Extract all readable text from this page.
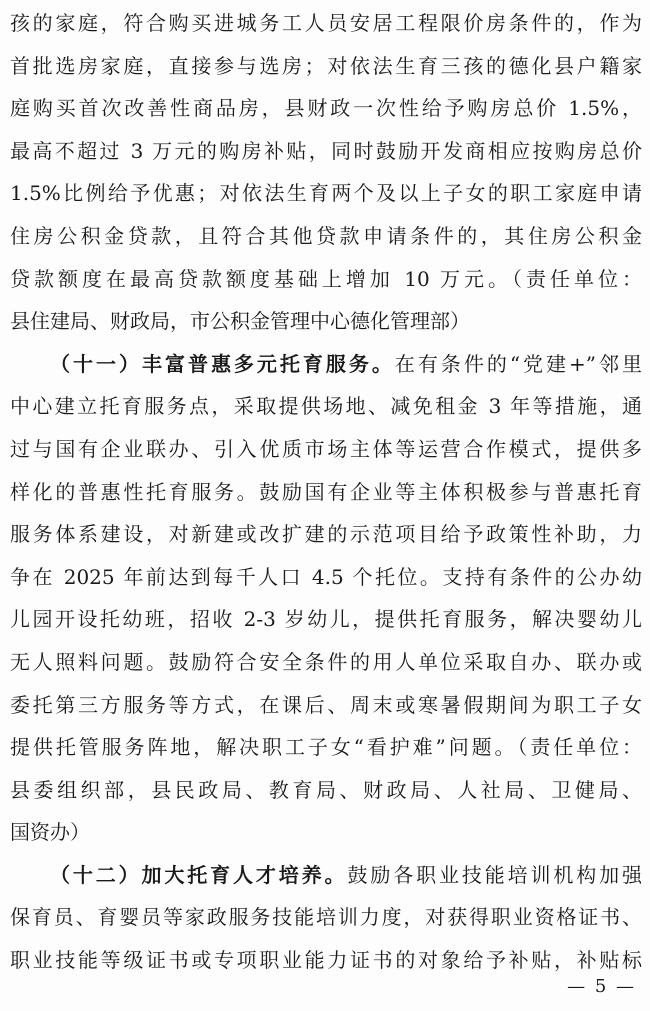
孩的家庭，符合购买进城务工人员安居工程限价房条件的，作为
首批选房家庭，直接参与选房；对依法生育三孩的德化县户籍家
庭购买首次改善性商品房，县财政一次性给予购房总价 1.5%，
最高不超过 3 万元的购房补贴，同时鼓励开发商相应按购房总价
1.5%比例给予优惠；对依法生育两个及以上子女的职工家庭申请
住房公积金贷款，且符合其他贷款申请条件的，其住房公积金
贷款额度在最高贷款额度基础上增加 10 万元。（责任单位：
县住建局、财政局，市公积金管理中心德化管理部）
（十一）丰富普惠多元托育服务。在有条件的“党建+”邻里
中心建立托育服务点，采取提供场地、减免租金 3 年等措施，通
过与国有企业联办、引入优质市场主体等运营合作模式，提供多
样化的普惠性托育服务。鼓励国有企业等主体积极参与普惠托育
服务体系建设，对新建或改扩建的示范项目给予政策性补助，力
争在 2025 年前达到每千人口 4.5 个托位。支持有条件的公办幼
儿园开设托幼班，招收 2-3 岁幼儿，提供托育服务，解决婴幼儿
无人照料问题。鼓励符合安全条件的用人单位采取自办、联办或
委托第三方服务等方式，在课后、周末或寒暑假期间为职工子女
提供托管服务阵地，解决职工子女“看护难”问题。（责任单位：
县委组织部，县民政局、教育局、财政局、人社局、卫健局、
国资办）
（十二）加大托育人才培养。鼓励各职业技能培训机构加强
保育员、育婴员等家政服务技能培训力度，对获得职业资格证书、
职业技能等级证书或专项职业能力证书的对象给予补贴，补贴标
— 5 —
